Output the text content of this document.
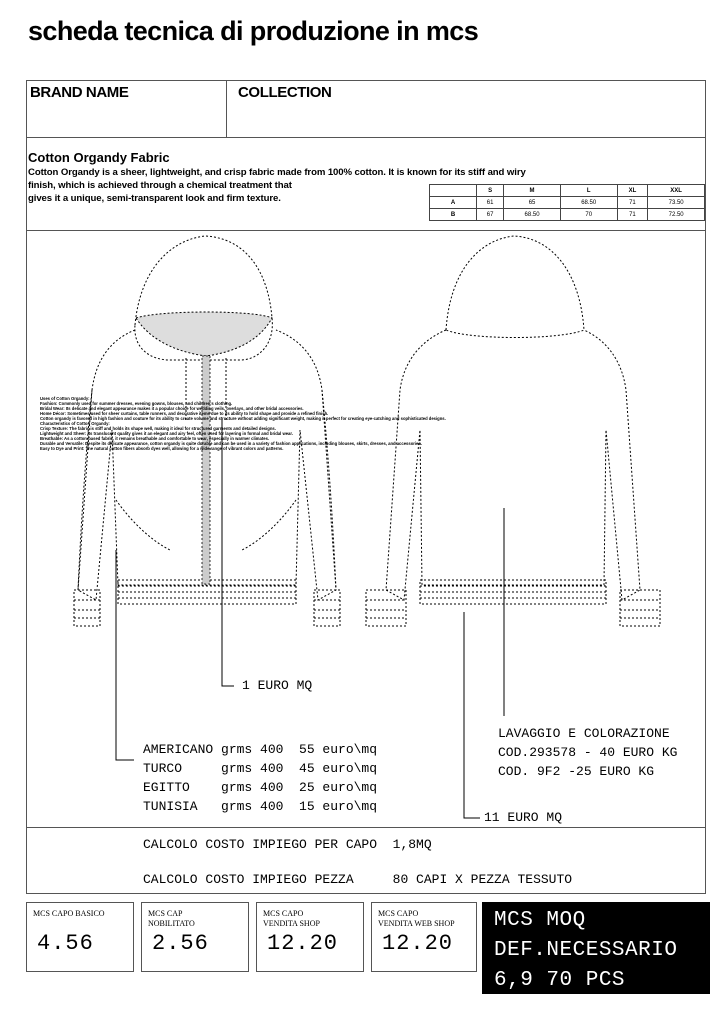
scheda tecnica di produzione in mcs
BRAND NAME	COLLECTION
Cotton Organdy Fabric
Cotton Organdy is a sheer, lightweight, and crisp fabric made from 100% cotton. It is known for its stiff and wiry
finish, which is achieved through a chemical treatment that
gives it a unique, semi-transparent look and firm texture.
	S	M	L	XL	XXL
A	61	65	68.50	71	73.50
B	67	68.50	70	71	72.50
Uses of Cotton Organdy:
Fashion: Commonly used for summer dresses, evening gowns, blouses, and children's clothing.
Bridal Wear: Its delicate and elegant appearance makes it a popular choice for wedding veils, overlays, and other bridal accessories.
Home Décor: Sometimes used for sheer curtains, table runners, and decorative items due to its ability to hold shape and provide a refined finish.
Cotton organdy is favored in high fashion and couture for its ability to create volume and structure without adding significant weight, making it perfect for creating eye-catching and sophisticated designs.
Characteristics of Cotton Organdy:
Crisp Texture: The fabric is stiff and holds its shape well, making it ideal for structured garments and detailed designs.
Lightweight and Sheer: Its translucent quality gives it an elegant and airy feel, often used for layering in formal and bridal wear.
Breathable: As a cotton-based fabric, it remains breathable and comfortable to wear, especially in warmer climates.
Durable and Versatile: Despite its delicate appearance, cotton organdy is quite durable and can be used in a variety of fashion applications, including blouses, skirts, dresses, and accessories.
Easy to Dye and Print: The natural cotton fibers absorb dyes well, allowing for a wide range of vibrant colors and patterns.
1 EURO MQ
AMERICANO grms 400  55 euro\mq
TURCO     grms 400  45 euro\mq
EGITTO    grms 400  25 euro\mq
TUNISIA   grms 400  15 euro\mq
LAVAGGIO E COLORAZIONE
COD.293578 - 40 EURO KG
COD. 9F2 -25 EURO KG
11 EURO MQ
CALCOLO COSTO IMPIEGO PER CAPO  1,8MQ
CALCOLO COSTO IMPIEGO PEZZA     80 CAPI X PEZZA TESSUTO
MCS CAPO BASICO
4.56
MCS CAP
NOBILITATO
2.56
MCS CAPO
VENDITA SHOP
12.20
MCS CAPO
VENDITA WEB SHOP
12.20
MCS MOQ
DEF.NECESSARIO
6,9 70 PCS
